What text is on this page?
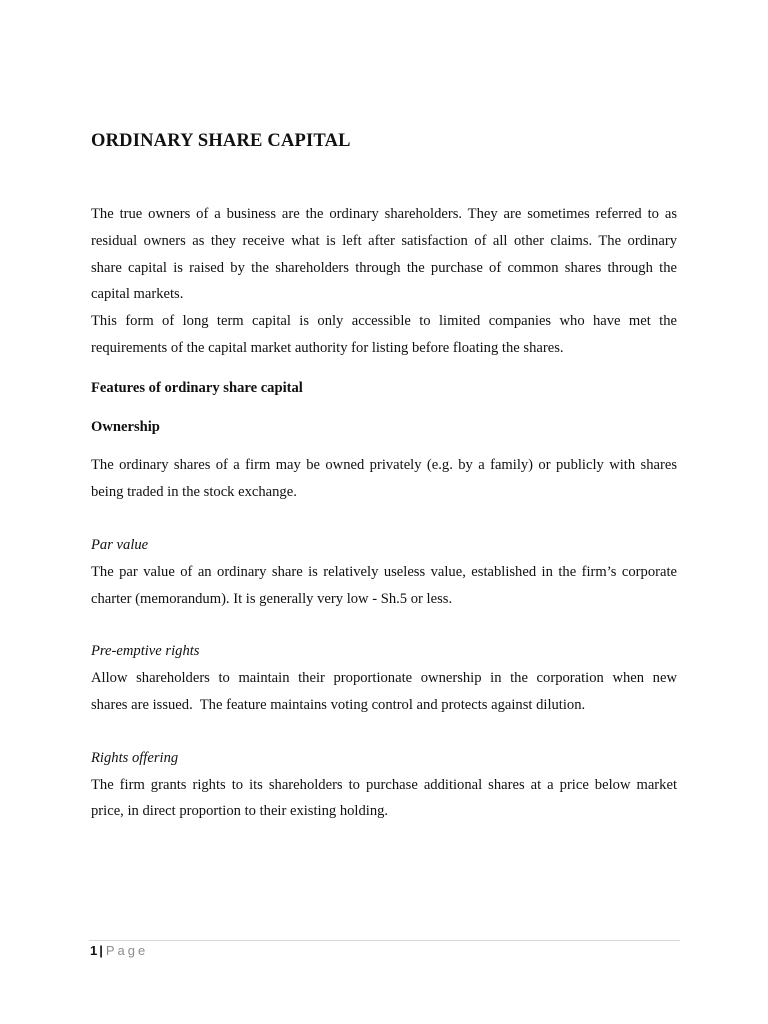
ORDINARY SHARE CAPITAL
The true owners of a business are the ordinary shareholders. They are sometimes referred to as
residual owners as they receive what is left after satisfaction of all other claims. The ordinary
share capital is raised by the shareholders through the purchase of common shares through the
capital markets.
This form of long term capital is only accessible to limited companies who have met the
requirements of the capital market authority for listing before floating the shares.
Features of ordinary share capital
Ownership
The ordinary shares of a firm may be owned privately (e.g. by a family) or publicly with shares
being traded in the stock exchange.
Par value
The par value of an ordinary share is relatively useless value, established in the firm’s corporate
charter (memorandum). It is generally very low - Sh.5 or less.
Pre-emptive rights
Allow shareholders to maintain their proportionate ownership in the corporation when new
shares are issued.  The feature maintains voting control and protects against dilution.
Rights offering
The firm grants rights to its shareholders to purchase additional shares at a price below market
price, in direct proportion to their existing holding.
1 | Page
